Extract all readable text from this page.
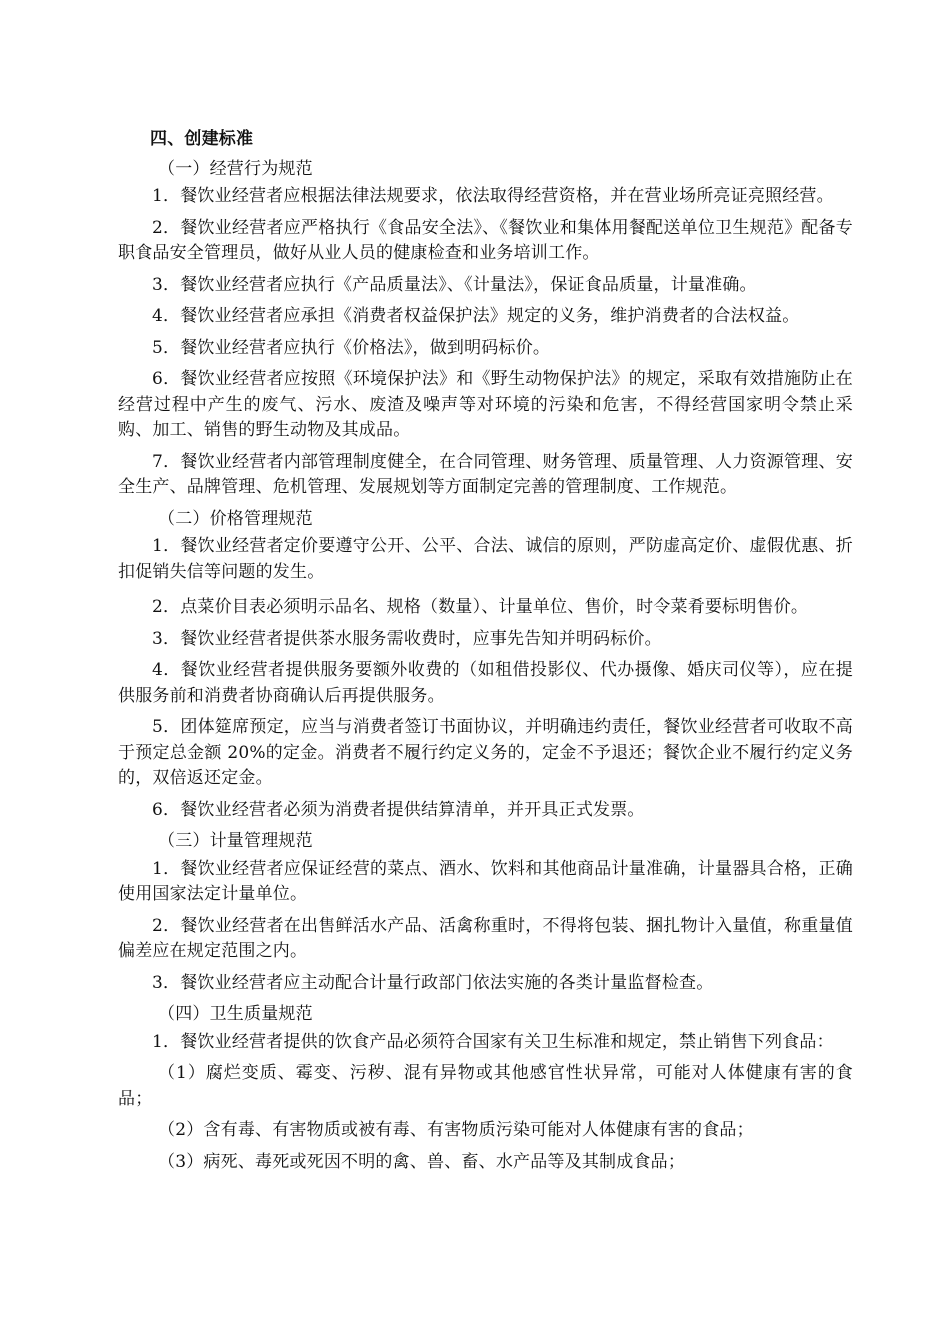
四、创建标准
（一）经营行为规范

1．餐饮业经营者应根据法律法规要求，依法取得经营资格，并在营业场所亮证亮照经营。

2．餐饮业经营者应严格执行《食品安全法》、《餐饮业和集体用餐配送单位卫生规范》配备专职食品安全管理员，做好从业人员的健康检查和业务培训工作。

3．餐饮业经营者应执行《产品质量法》、《计量法》，保证食品质量，计量准确。

4．餐饮业经营者应承担《消费者权益保护法》规定的义务，维护消费者的合法权益。

5．餐饮业经营者应执行《价格法》，做到明码标价。

6．餐饮业经营者应按照《环境保护法》和《野生动物保护法》的规定，采取有效措施防止在经营过程中产生的废气、污水、废渣及噪声等对环境的污染和危害，不得经营国家明令禁止采购、加工、销售的野生动物及其成品。

7．餐饮业经营者内部管理制度健全，在合同管理、财务管理、质量管理、人力资源管理、安全生产、品牌管理、危机管理、发展规划等方面制定完善的管理制度、工作规范。

（二）价格管理规范

1．餐饮业经营者定价要遵守公开、公平、合法、诚信的原则，严防虚高定价、虚假优惠、折扣促销失信等问题的发生。

2．点菜价目表必须明示品名、规格（数量）、计量单位、售价，时令菜肴要标明售价。

3．餐饮业经营者提供茶水服务需收费时，应事先告知并明码标价。

4．餐饮业经营者提供服务要额外收费的（如租借投影仪、代办摄像、婚庆司仪等），应在提供服务前和消费者协商确认后再提供服务。

5．团体筵席预定，应当与消费者签订书面协议，并明确违约责任，餐饮业经营者可收取不高于预定总金额 20%的定金。消费者不履行约定义务的，定金不予退还；餐饮企业不履行约定义务的，双倍返还定金。

6．餐饮业经营者必须为消费者提供结算清单，并开具正式发票。

（三）计量管理规范

1．餐饮业经营者应保证经营的菜点、酒水、饮料和其他商品计量准确，计量器具合格，正确使用国家法定计量单位。

2．餐饮业经营者在出售鲜活水产品、活禽称重时，不得将包装、捆扎物计入量值，称重量值偏差应在规定范围之内。

3．餐饮业经营者应主动配合计量行政部门依法实施的各类计量监督检查。

（四）卫生质量规范

1．餐饮业经营者提供的饮食产品必须符合国家有关卫生标准和规定，禁止销售下列食品：

（1）腐烂变质、霉变、污秽、混有异物或其他感官性状异常，可能对人体健康有害的食品；

（2）含有毒、有害物质或被有毒、有害物质污染可能对人体健康有害的食品；

（3）病死、毒死或死因不明的禽、兽、畜、水产品等及其制成食品；
